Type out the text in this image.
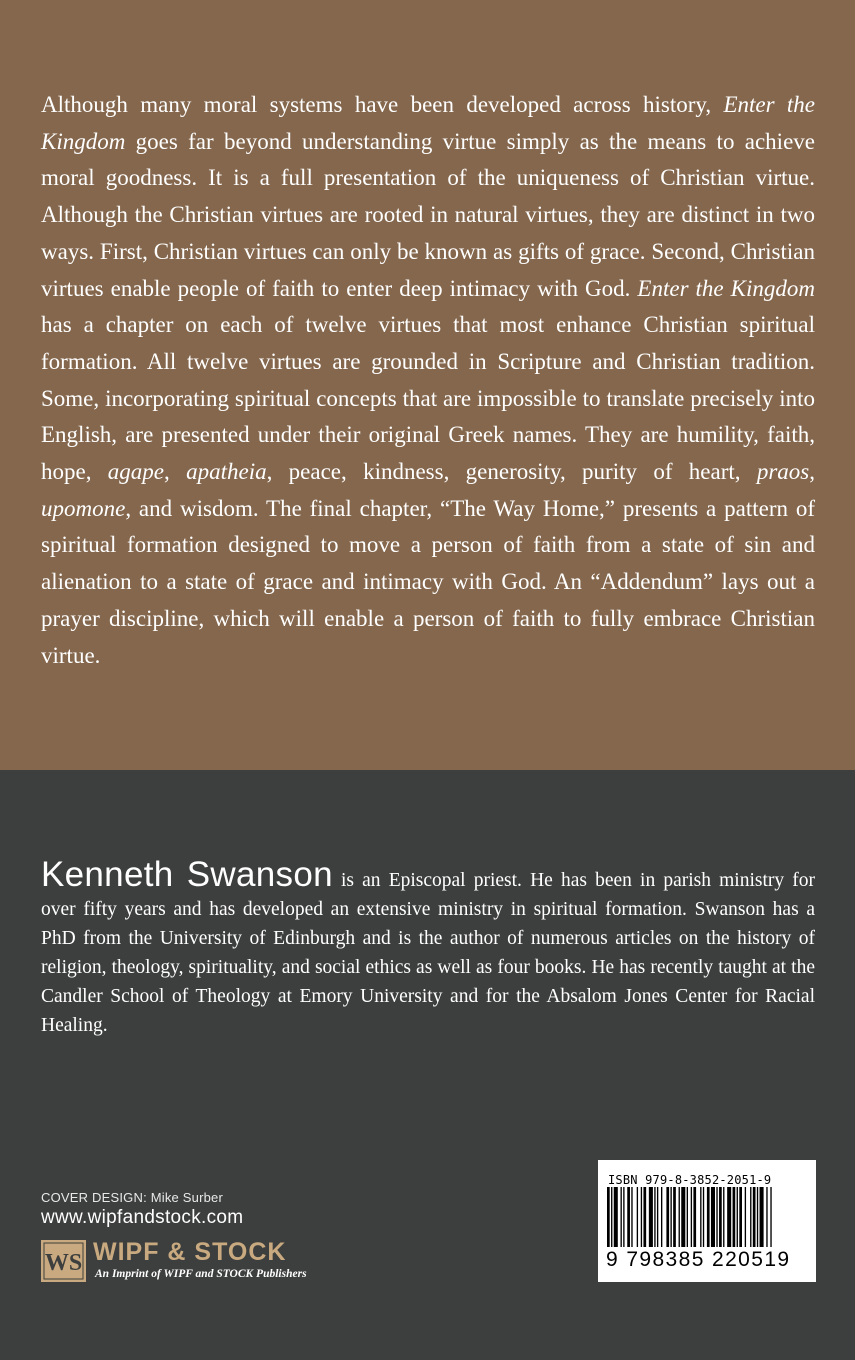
Although many moral systems have been developed across history, Enter the Kingdom goes far beyond understanding virtue simply as the means to achieve moral goodness. It is a full presentation of the uniqueness of Christian virtue. Although the Christian virtues are rooted in natural virtues, they are distinct in two ways. First, Christian virtues can only be known as gifts of grace. Second, Christian virtues enable people of faith to enter deep intimacy with God. Enter the Kingdom has a chapter on each of twelve virtues that most enhance Christian spiritual formation. All twelve virtues are grounded in Scripture and Christian tradition. Some, incorporating spiritual concepts that are impossible to translate precisely into English, are presented under their original Greek names. They are humility, faith, hope, agape, apatheia, peace, kindness, generosity, purity of heart, praos, upomone, and wisdom. The final chapter, “The Way Home,” presents a pattern of spiritual formation designed to move a person of faith from a state of sin and alienation to a state of grace and intimacy with God. An “Addendum” lays out a prayer discipline, which will enable a person of faith to fully embrace Christian virtue.

Kenneth Swanson is an Episcopal priest. He has been in parish ministry for over fifty years and has developed an extensive ministry in spiritual formation. Swanson has a PhD from the University of Edinburgh and is the author of numerous articles on the history of religion, theology, spirituality, and social ethics as well as four books. He has recently taught at the Candler School of Theology at Emory University and for the Absalom Jones Center for Racial Healing.

COVER DESIGN: Mike Surber
www.wipfandstock.com
WS WIPF & STOCK
An Imprint of WIPF and STOCK Publishers
ISBN 979-8-3852-2051-9
9 798385 220519
